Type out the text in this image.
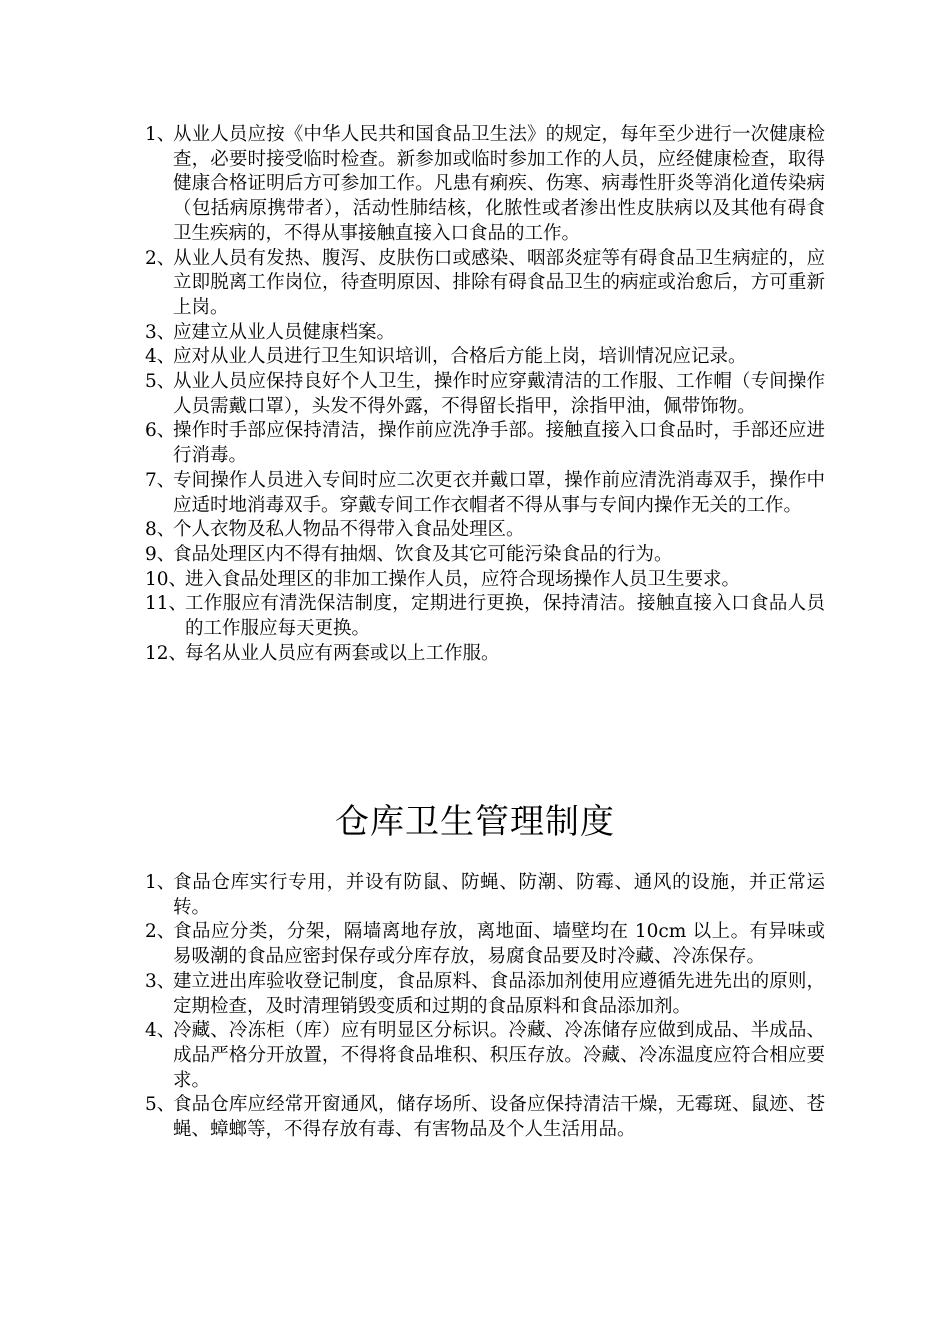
1、
从业人员应按《中华人民共和国食品卫生法》的规定，每年至少进行一次健康检查，必要时接受临时检查。新参加或临时参加工作的人员，应经健康检查，取得健康合格证明后方可参加工作。凡患有痢疾、伤寒、病毒性肝炎等消化道传染病（包括病原携带者），活动性肺结核，化脓性或者渗出性皮肤病以及其他有碍食卫生疾病的，不得从事接触直接入口食品的工作。
2、
从业人员有发热、腹泻、皮肤伤口或感染、咽部炎症等有碍食品卫生病症的，应立即脱离工作岗位，待查明原因、排除有碍食品卫生的病症或治愈后，方可重新上岗。
3、
应建立从业人员健康档案。
4、
应对从业人员进行卫生知识培训，合格后方能上岗，培训情况应记录。
5、
从业人员应保持良好个人卫生，操作时应穿戴清洁的工作服、工作帽（专间操作人员需戴口罩），头发不得外露，不得留长指甲，涂指甲油，佩带饰物。
6、
操作时手部应保持清洁，操作前应洗净手部。接触直接入口食品时，手部还应进行消毒。
7、
专间操作人员进入专间时应二次更衣并戴口罩，操作前应清洗消毒双手，操作中应适时地消毒双手。穿戴专间工作衣帽者不得从事与专间内操作无关的工作。
8、
个人衣物及私人物品不得带入食品处理区。
9、
食品处理区内不得有抽烟、饮食及其它可能污染食品的行为。
10、
进入食品处理区的非加工操作人员，应符合现场操作人员卫生要求。
11、
工作服应有清洗保洁制度，定期进行更换，保持清洁。接触直接入口食品人员的工作服应每天更换。
12、
每名从业人员应有两套或以上工作服。
仓库卫生管理制度
1、
食品仓库实行专用，并设有防鼠、防蝇、防潮、防霉、通风的设施，并正常运转。
2、
食品应分类，分架，隔墙离地存放，离地面、墙壁均在 10cm 以上。有异味或易吸潮的食品应密封保存或分库存放，易腐食品要及时冷藏、冷冻保存。
3、
建立进出库验收登记制度，食品原料、食品添加剂使用应遵循先进先出的原则，定期检查，及时清理销毁变质和过期的食品原料和食品添加剂。
4、
冷藏、冷冻柜（库）应有明显区分标识。冷藏、冷冻储存应做到成品、半成品、成品严格分开放置，不得将食品堆积、积压存放。冷藏、冷冻温度应符合相应要求。
5、
食品仓库应经常开窗通风，储存场所、设备应保持清洁干燥，无霉斑、鼠迹、苍蝇、蟑螂等，不得存放有毒、有害物品及个人生活用品。
